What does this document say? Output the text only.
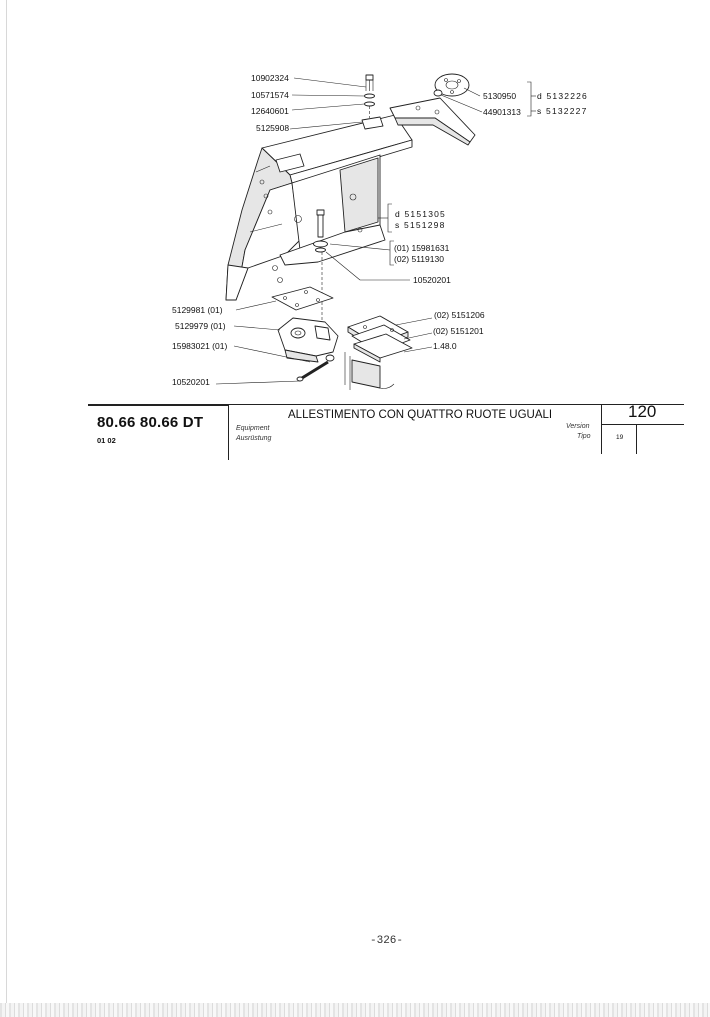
10902324
10571574
12640601
5125908
5130950
44901313
d 5132226
s 5132227
d 5151305
s 5151298
(01) 15981631
(02) 5119130
10520201
5129981 (01)
5129979 (01)
15983021 (01)
10520201
(02) 5151206
(02) 5151201
1.48.0
80.66 80.66 DT
01 02
ALLESTIMENTO CON QUATTRO RUOTE UGUALI
Equipment
Ausrüstung
Version
Tipo
120
19
-326-
